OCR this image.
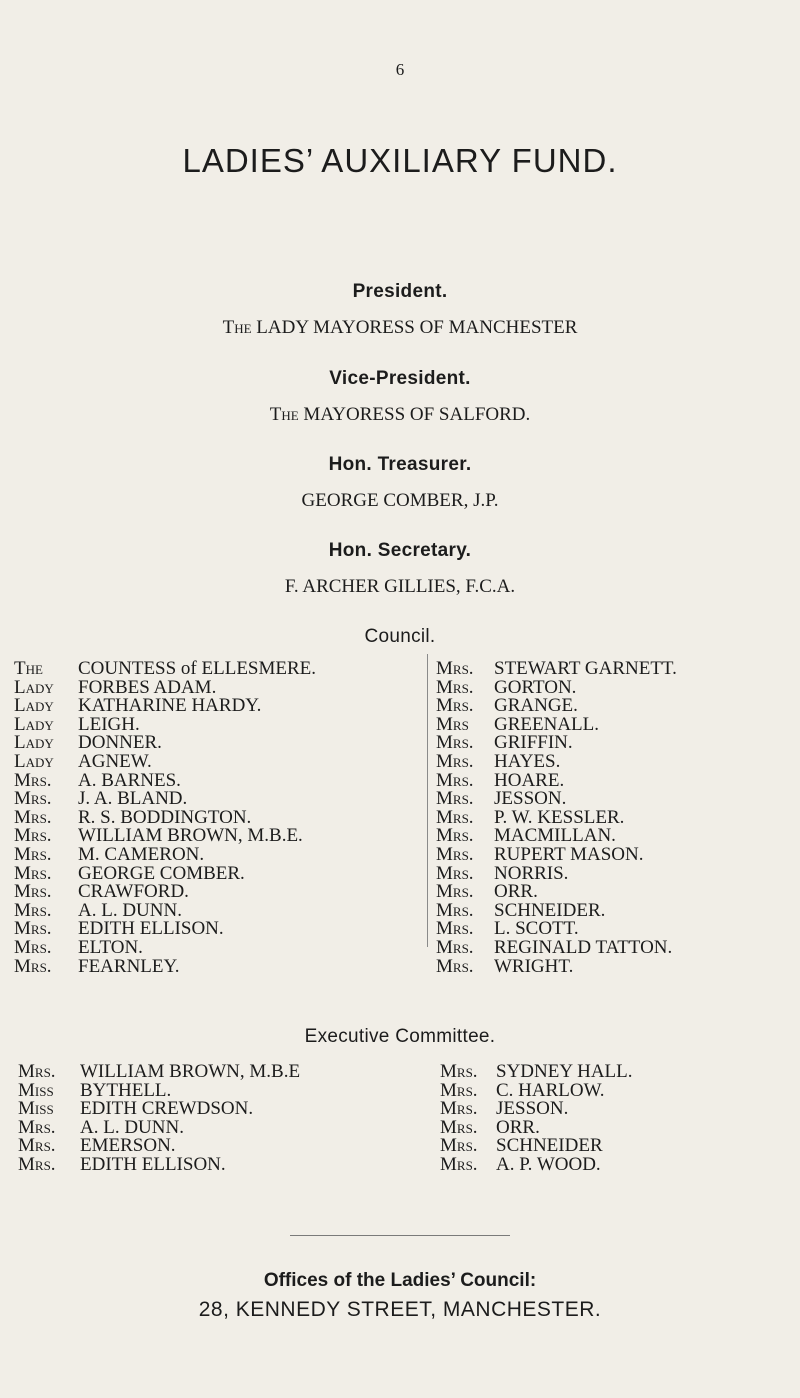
6
LADIES’ AUXILIARY FUND.
President.
The LADY MAYORESS OF MANCHESTER
Vice-President.
The MAYORESS OF SALFORD.
Hon. Treasurer.
GEORGE COMBER, J.P.
Hon. Secretary.
F. ARCHER GILLIES, F.C.A.
Council.
The COUNTESS of ELLESMERE.
Lady FORBES ADAM.
Lady KATHARINE HARDY.
Lady LEIGH.
Lady DONNER.
Lady AGNEW.
Mrs. A. BARNES.
Mrs. J. A. BLAND.
Mrs. R. S. BODDINGTON.
Mrs. WILLIAM BROWN, M.B.E.
Mrs. M. CAMERON.
Mrs. GEORGE COMBER.
Mrs. CRAWFORD.
Mrs. A. L. DUNN.
Mrs. EDITH ELLISON.
Mrs. ELTON.
Mrs. FEARNLEY.
Mrs. STEWART GARNETT.
Mrs. GORTON.
Mrs. GRANGE.
Mrs GREENALL.
Mrs. GRIFFIN.
Mrs. HAYES.
Mrs. HOARE.
Mrs. JESSON.
Mrs. P. W. KESSLER.
Mrs. MACMILLAN.
Mrs. RUPERT MASON.
Mrs. NORRIS.
Mrs. ORR.
Mrs. SCHNEIDER.
Mrs. L. SCOTT.
Mrs. REGINALD TATTON.
Mrs. WRIGHT.
Executive Committee.
Mrs. WILLIAM BROWN, M.B.E
Miss BYTHELL.
Miss EDITH CREWDSON.
Mrs. A. L. DUNN.
Mrs. EMERSON.
Mrs. EDITH ELLISON.
Mrs. SYDNEY HALL.
Mrs. C. HARLOW.
Mrs. JESSON.
Mrs. ORR.
Mrs. SCHNEIDER
Mrs. A. P. WOOD.
Offices of the Ladies’ Council:
28, KENNEDY STREET, MANCHESTER.
